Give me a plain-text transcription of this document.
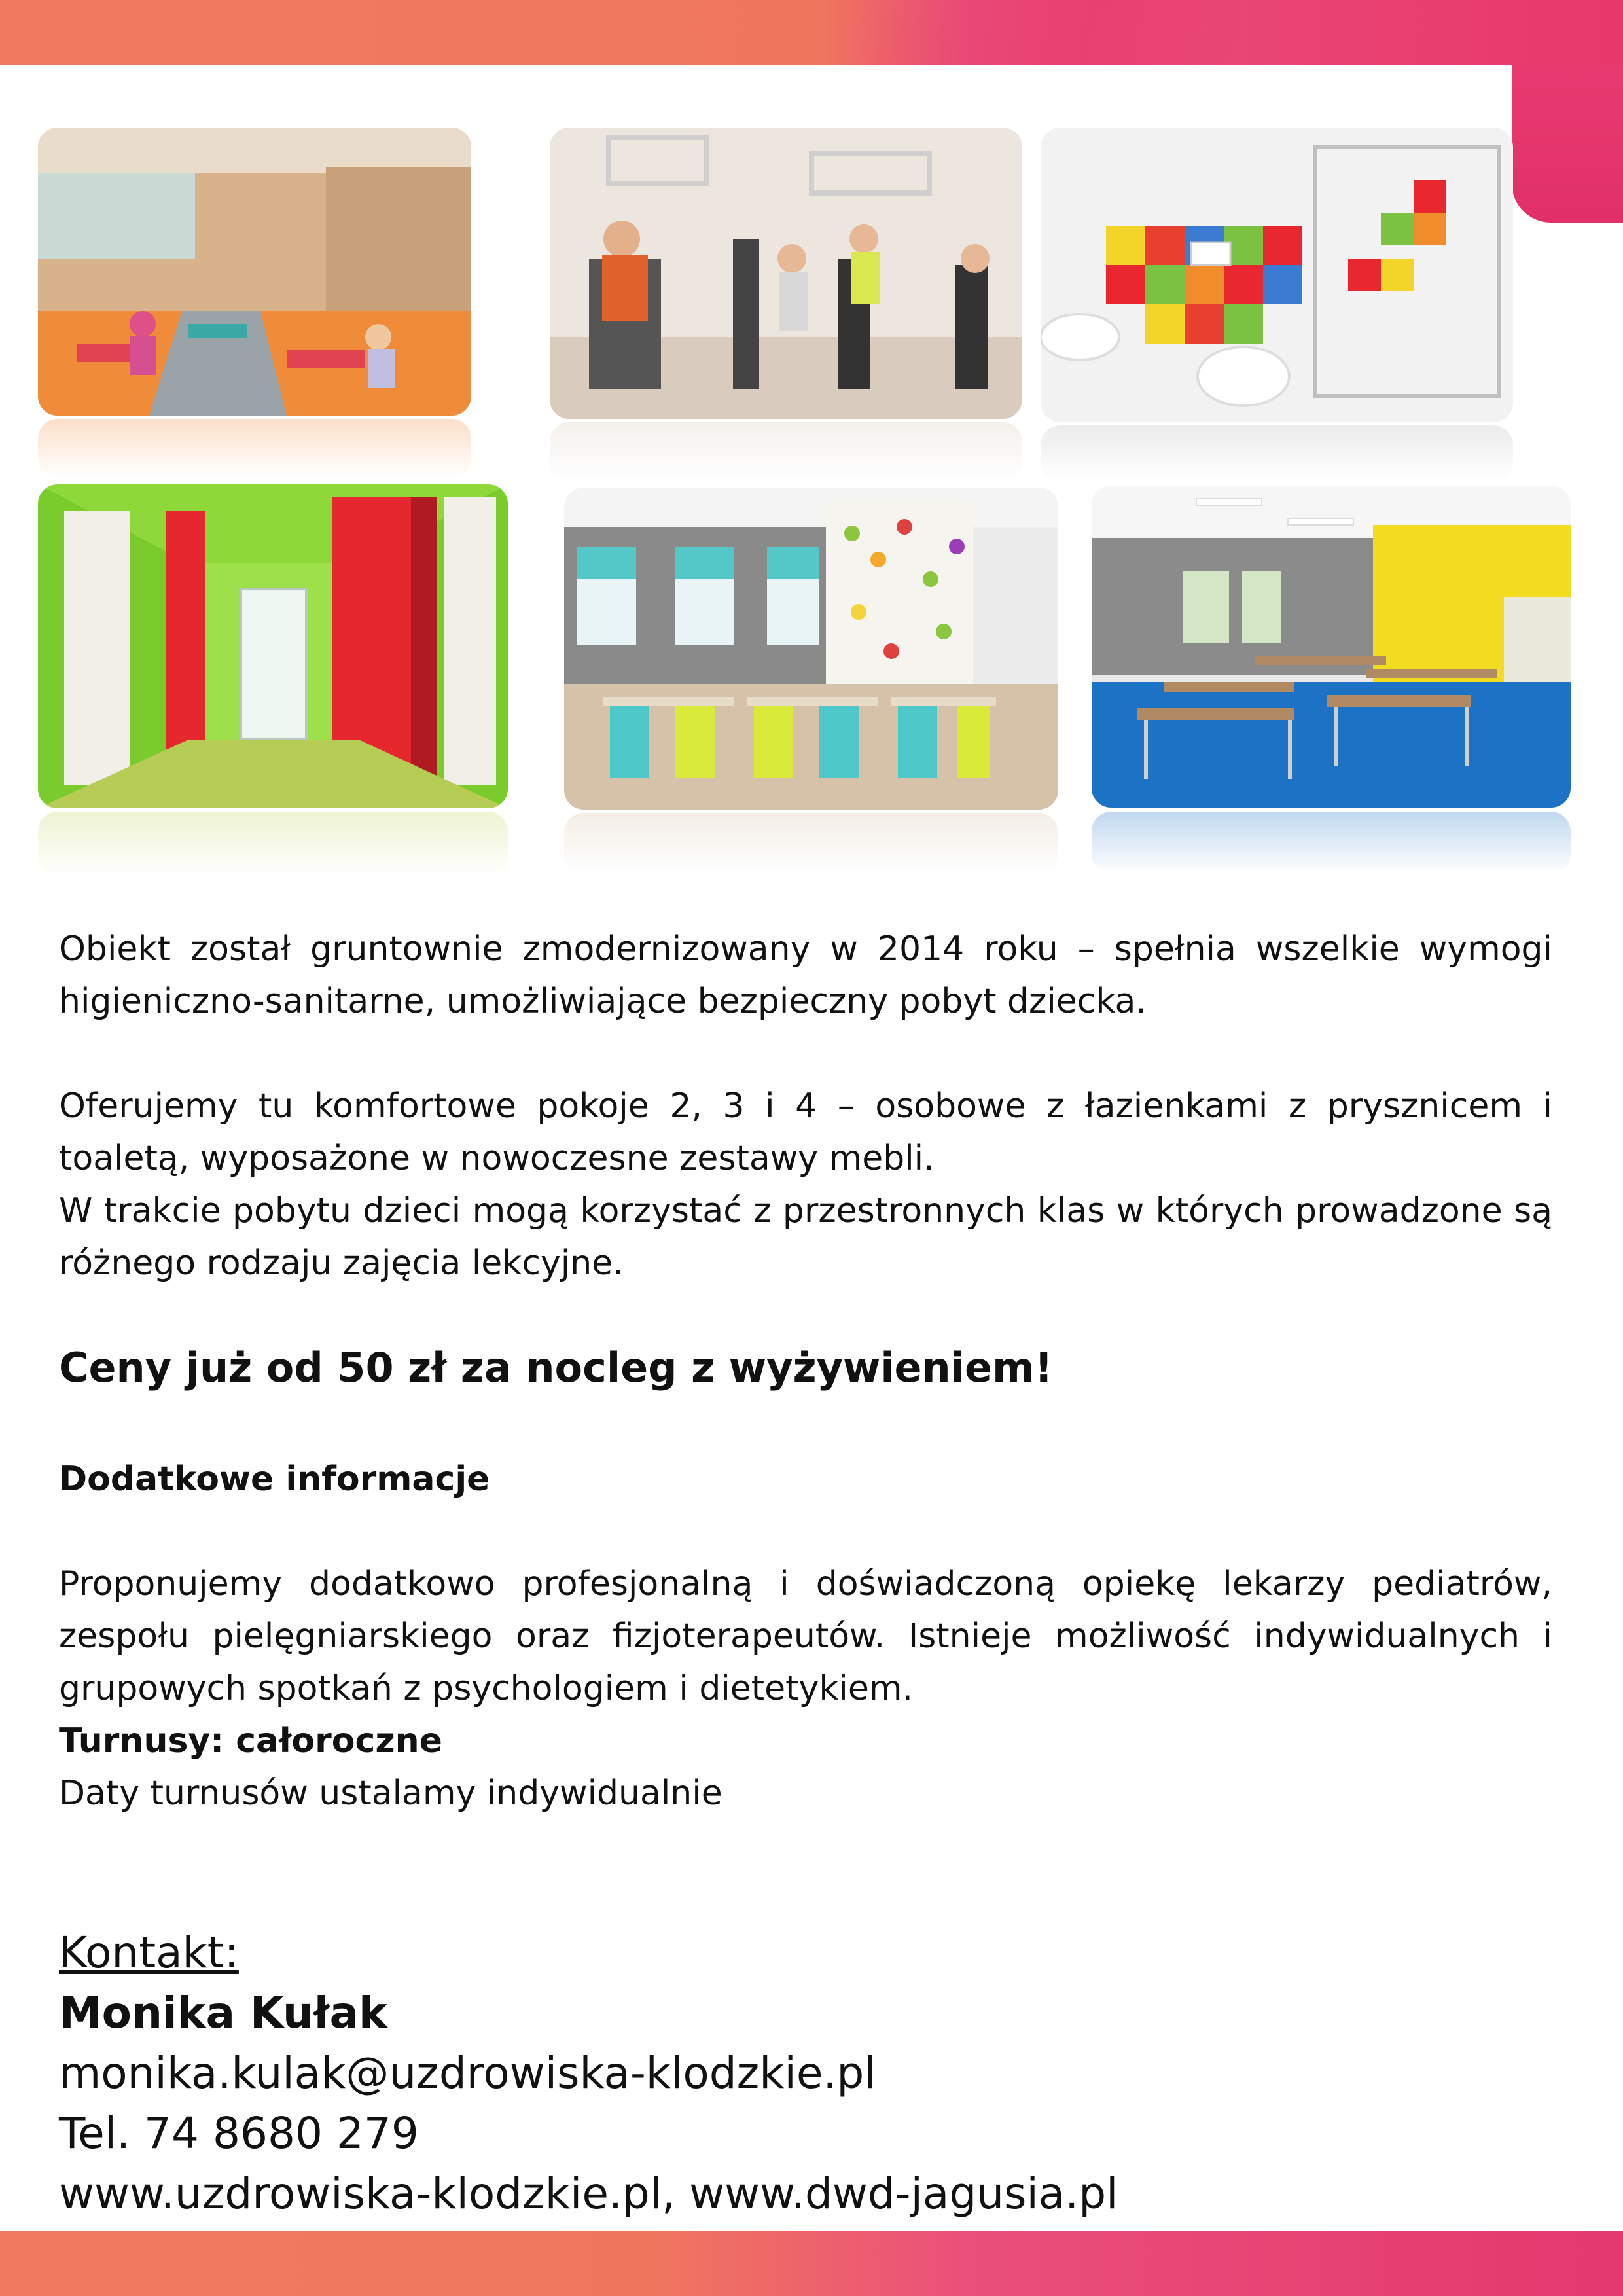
Obiekt został gruntownie zmodernizowany w 2014 roku – spełnia wszelkie wymogi higieniczno-sanitarne, umożliwiające bezpieczny pobyt dziecka.

Oferujemy tu komfortowe pokoje 2, 3 i 4 – osobowe z łazienkami z prysznicem i toaletą, wyposażone w nowoczesne zestawy mebli.

W trakcie pobytu dzieci mogą korzystać z przestronnych klas w których prowadzone są różnego rodzaju zajęcia lekcyjne.

Ceny już od 50 zł za nocleg z wyżywieniem!
Dodatkowe informacje

Proponujemy dodatkowo profesjonalną i doświadczoną opiekę lekarzy pediatrów, zespołu pielęgniarskiego oraz fizjoterapeutów. Istnieje możliwość indywidualnych i grupowych spotkań z psychologiem i dietetykiem.

Turnusy: całoroczne

Daty turnusów ustalamy indywidualnie

Kontakt:
Monika Kułak
monika.kulak@uzdrowiska-klodzkie.pl
Tel. 74 8680 279
www.uzdrowiska-klodzkie.pl, www.dwd-jagusia.pl
